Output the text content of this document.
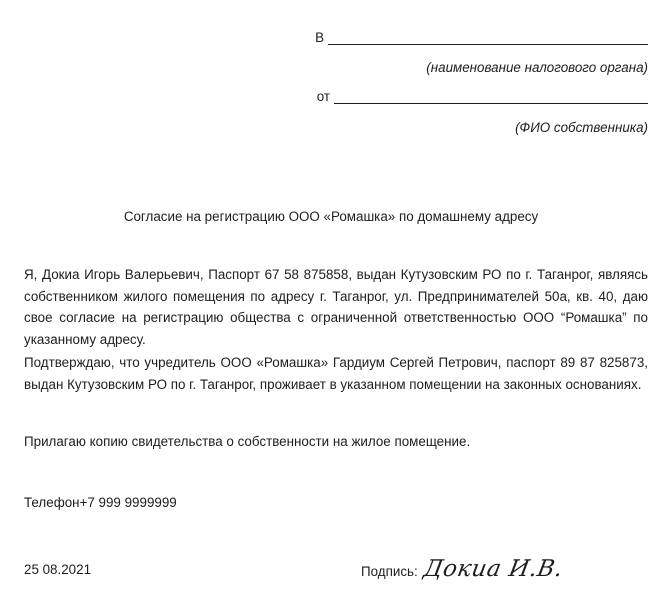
В
(наименование налогового органа)
от
(ФИО собственника)
Согласие на регистрацию ООО «Ромашка» по домашнему адресу
Я, Докиа Игорь Валерьевич, Паспорт 67 58 875858, выдан Кутузовским РО по г. Таганрог, являясь собственником жилого помещения по адресу г. Таганрог, ул. Предпринимателей 50а, кв. 40, даю свое согласие на регистрацию общества с ограниченной ответственностью ООО “Ромашка” по указанному адресу.
Подтверждаю, что учредитель ООО «Ромашка» Гардиум Сергей Петрович, паспорт 89 87 825873, выдан Кутузовским РО по г. Таганрог, проживает в указанном помещении на законных основаниях.
Прилагаю копию свидетельства о собственности на жилое помещение.
Телефон+7 999 9999999
25 08.2021	Подпись: Докиа И.В.
